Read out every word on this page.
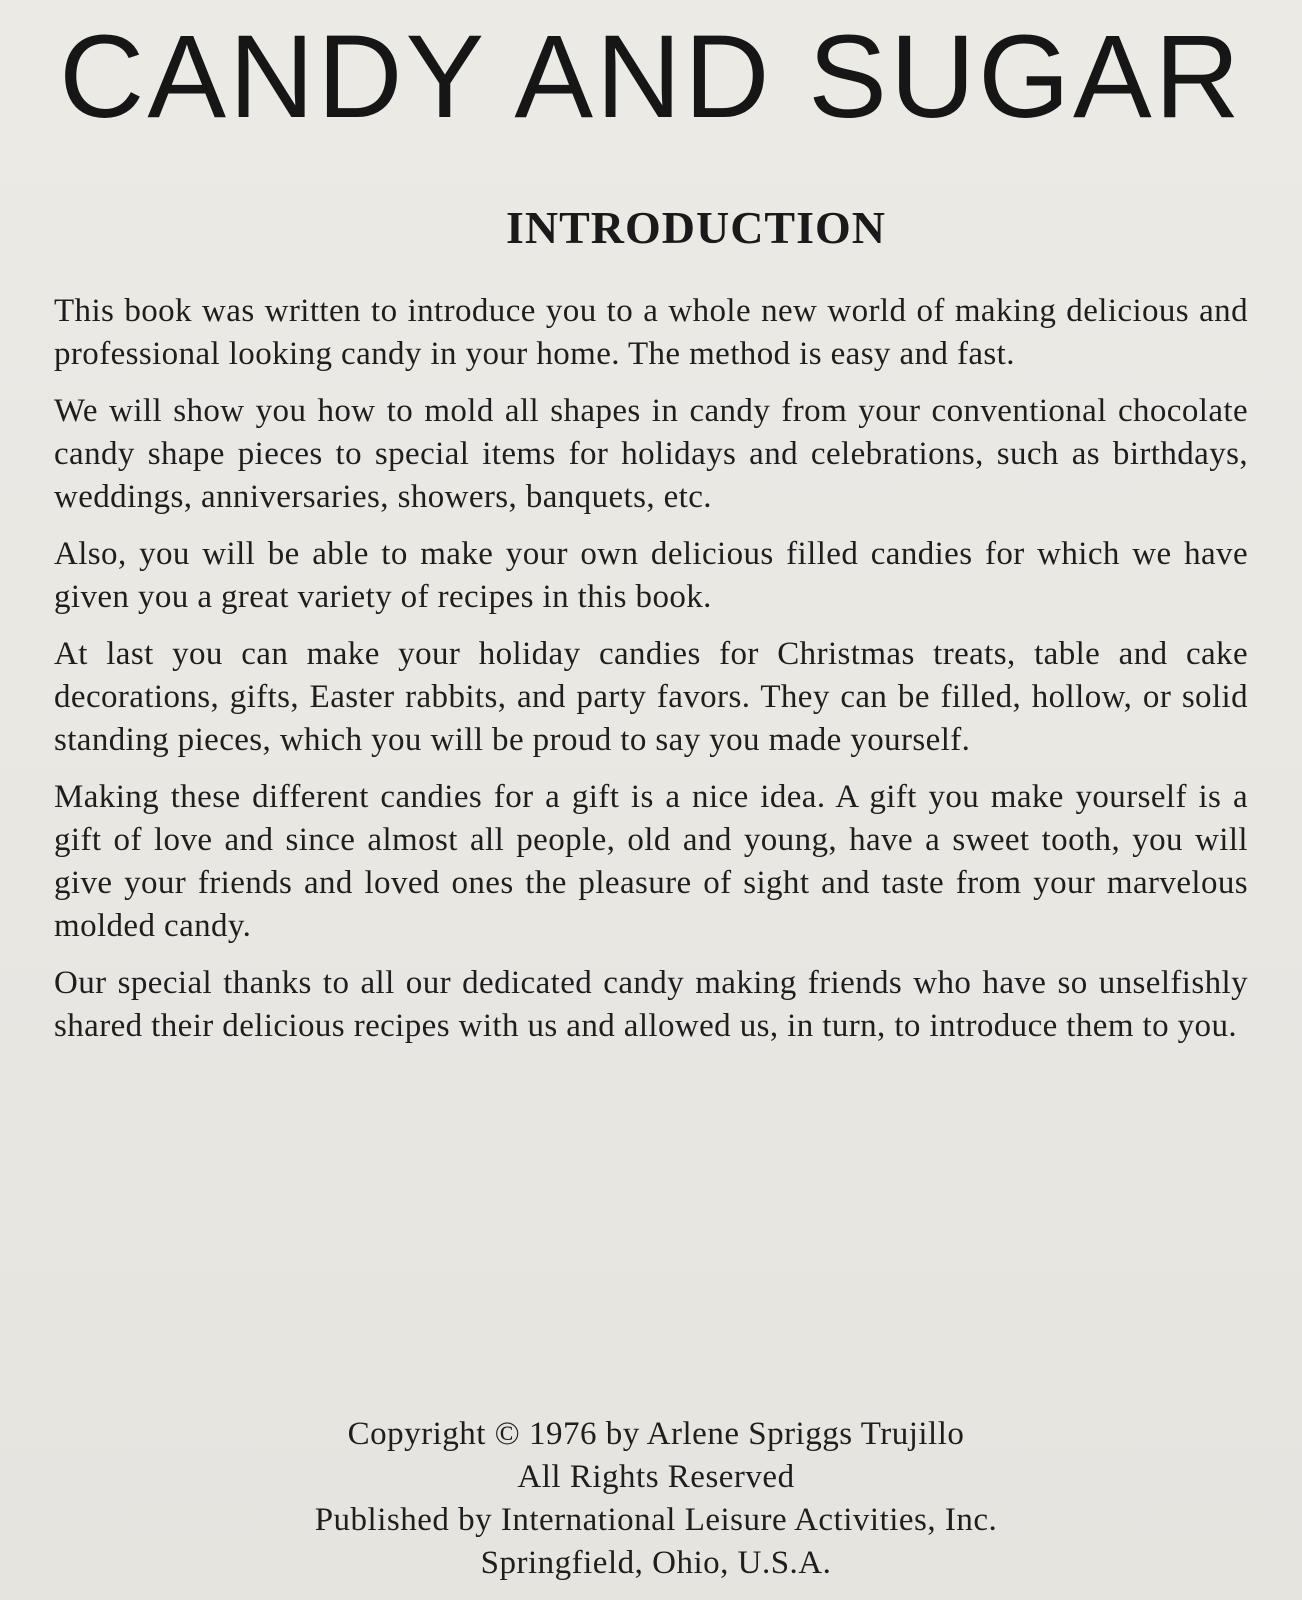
CANDY AND SUGAR
INTRODUCTION

This book was written to introduce you to a whole new world of making delicious and professional looking candy in your home. The method is easy and fast.

We will show you how to mold all shapes in candy from your conventional chocolate candy shape pieces to special items for holidays and celebrations, such as birthdays, weddings, anniversaries, showers, banquets, etc.

Also, you will be able to make your own delicious filled candies for which we have given you a great variety of recipes in this book.

At last you can make your holiday candies for Christmas treats, table and cake decorations, gifts, Easter rabbits, and party favors. They can be filled, hollow, or solid standing pieces, which you will be proud to say you made yourself.

Making these different candies for a gift is a nice idea. A gift you make yourself is a gift of love and since almost all people, old and young, have a sweet tooth, you will give your friends and loved ones the pleasure of sight and taste from your marvelous molded candy.

Our special thanks to all our dedicated candy making friends who have so unselfishly shared their delicious recipes with us and allowed us, in turn, to introduce them to you.

Copyright © 1976 by Arlene Spriggs Trujillo
All Rights Reserved
Published by International Leisure Activities, Inc.
Springfield, Ohio, U.S.A.
